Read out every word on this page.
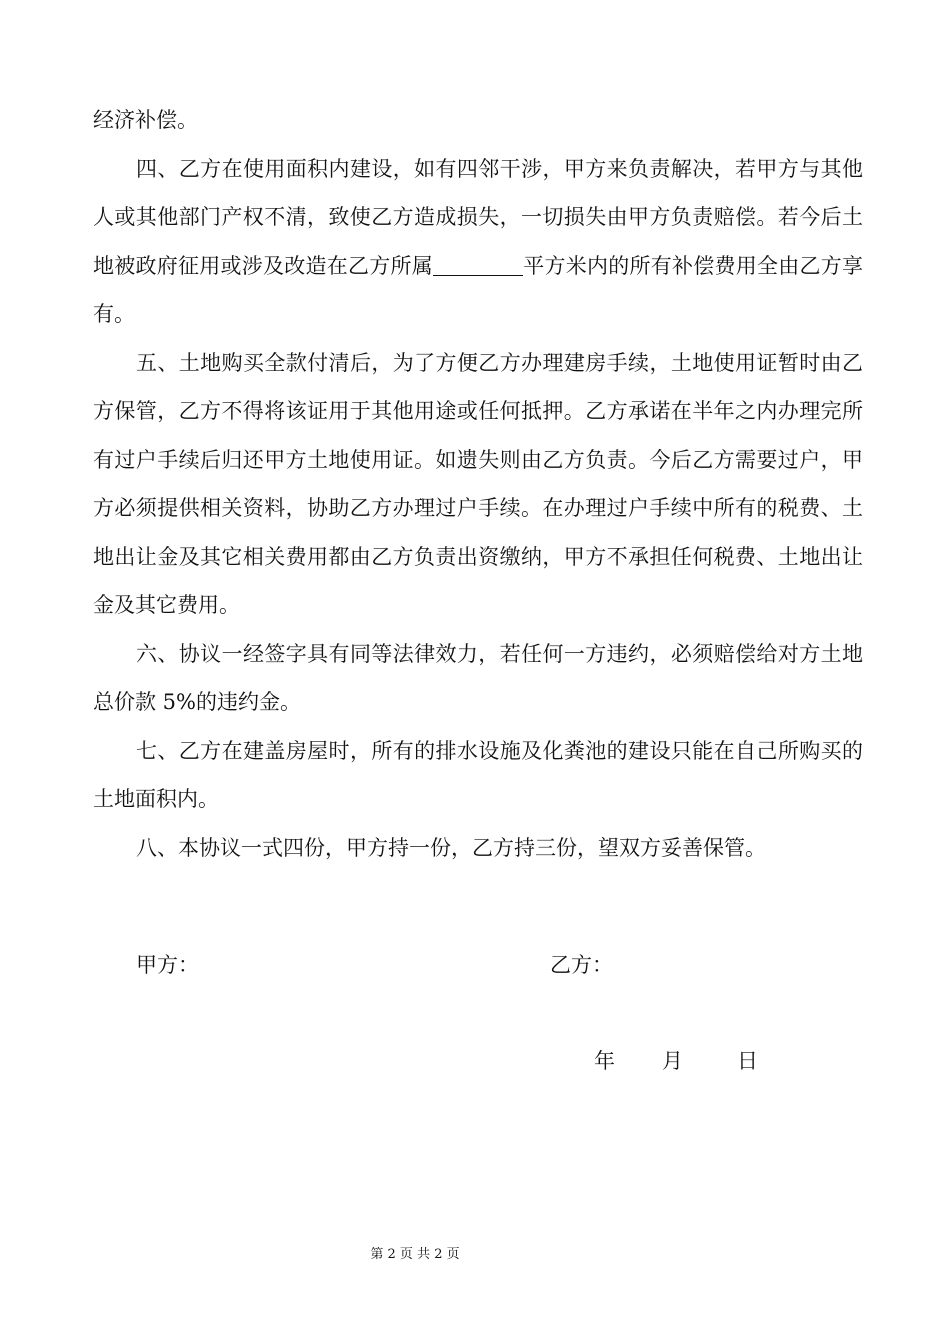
经济补偿。

四、乙方在使用面积内建设，如有四邻干涉，甲方来负责解决，若甲方与其他人或其他部门产权不清，致使乙方造成损失，一切损失由甲方负责赔偿。若今后土地被政府征用或涉及改造在乙方所属	平方米内的所有补偿费用全由乙方享有。

五、土地购买全款付清后，为了方便乙方办理建房手续，土地使用证暂时由乙方保管，乙方不得将该证用于其他用途或任何抵押。乙方承诺在半年之内办理完所有过户手续后归还甲方土地使用证。如遗失则由乙方负责。今后乙方需要过户，甲方必须提供相关资料，协助乙方办理过户手续。在办理过户手续中所有的税费、土地出让金及其它相关费用都由乙方负责出资缴纳，甲方不承担任何税费、土地出让金及其它费用。

六、协议一经签字具有同等法律效力，若任何一方违约，必须赔偿给对方土地总价款 5%的违约金。

七、乙方在建盖房屋时，所有的排水设施及化粪池的建设只能在自己所购买的土地面积内。

八、本协议一式四份，甲方持一份，乙方持三份，望双方妥善保管。

甲方：	乙方：
年 月	日
第 2 页 共 2 页
